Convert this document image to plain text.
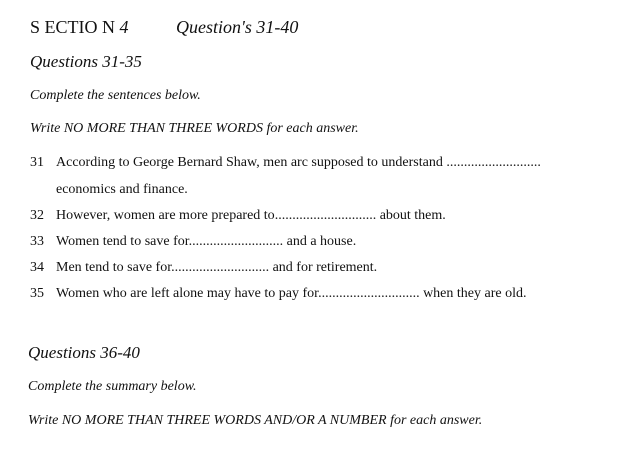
S ECTIO N 4	Question's 31-40
Questions 31-35
Complete the sentences below.
Write NO MORE THAN THREE WORDS for each answer.
31 According to George Bernard Shaw, men arc supposed to understand ...........................
economics and finance.
32 However, women are more prepared to............................. about them.
33 Women tend to save for........................... and a house.
34 Men tend to save for............................ and for retirement.
35 Women who are left alone may have to pay for............................. when they are old.
Questions 36-40
Complete the summary below.
Write NO MORE THAN THREE WORDS AND/OR A NUMBER for each answer.
